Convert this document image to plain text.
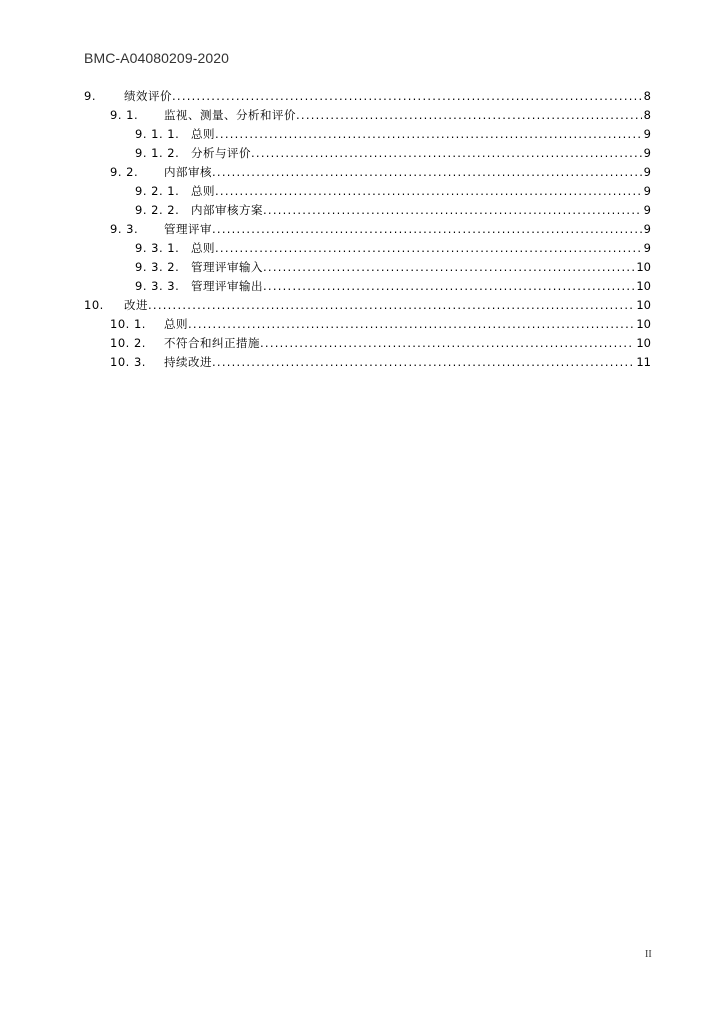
BMC-A04080209-2020
9. 绩效评价 . . .	8
9. 1. 监视、测量、分析和评价 . . .	8
9. 1. 1. 总则 . . .	9
9. 1. 2. 分析与评价 . . .	9
9. 2. 内部审核 . . .	9
9. 2. 1. 总则 . . .	9
9. 2. 2. 内部审核方案 . . .	9
9. 3. 管理评审 . . .	9
9. 3. 1. 总则 . . .	9
9. 3. 2. 管理评审输入 . . .	10
9. 3. 3. 管理评审输出 . . .	10
10. 改进 . . .	10
10. 1. 总则 . . .	10
10. 2. 不符合和纠正措施 . . .	10
10. 3. 持续改进 . . .	11
II
